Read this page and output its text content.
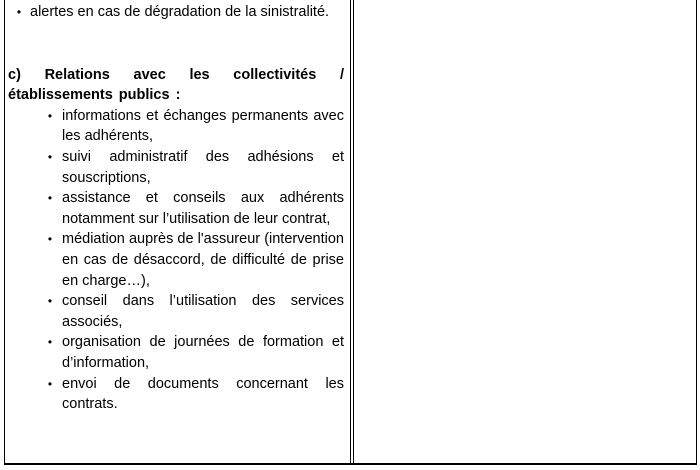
• alertes en cas de dégradation de la sinistralité.
c) Relations avec les collectivités / établissements publics :
• informations et échanges permanents avec les adhérents,
• suivi administratif des adhésions et souscriptions,
• assistance et conseils aux adhérents notamment sur l’utilisation de leur contrat,
• médiation auprès de l'assureur (intervention en cas de désaccord, de difficulté de prise en charge…),
• conseil dans l’utilisation des services associés,
• organisation de journées de formation et d’information,
• envoi de documents concernant les contrats.
